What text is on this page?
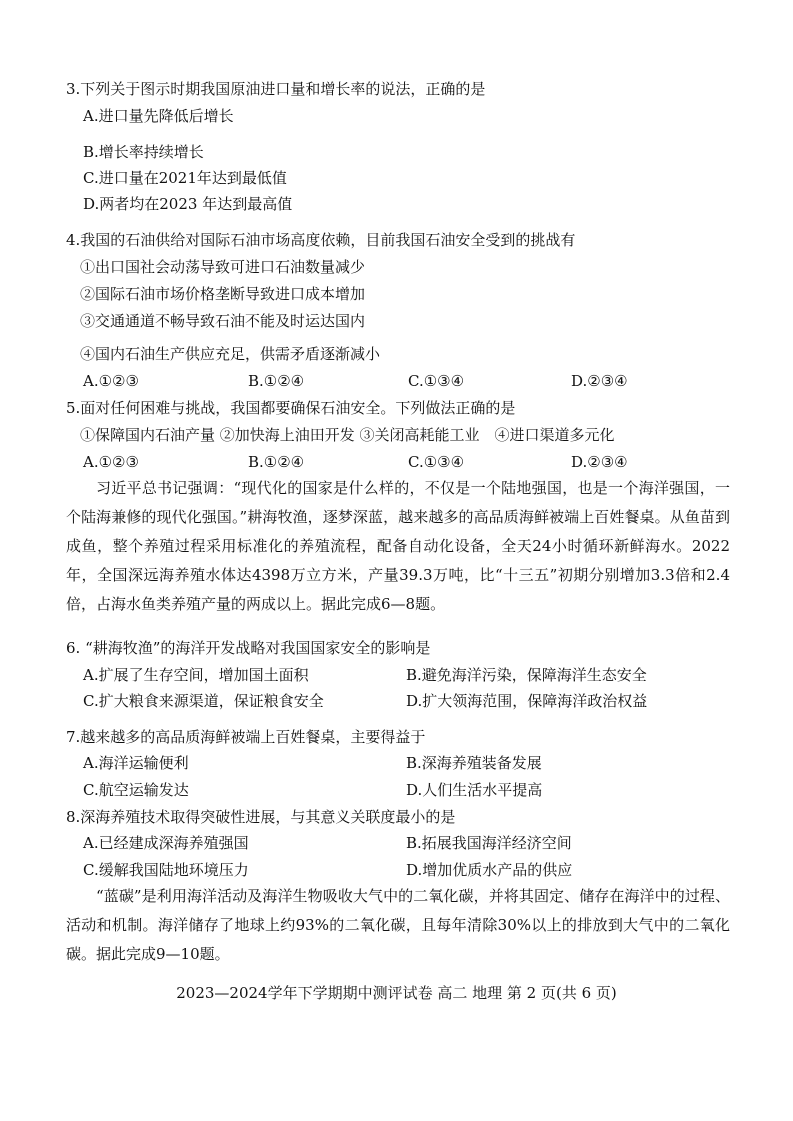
3.下列关于图示时期我国原油进口量和增长率的说法，正确的是
A.进口量先降低后增长
B.增长率持续增长
C.进口量在2021年达到最低值
D.两者均在2023 年达到最高值
4.我国的石油供给对国际石油市场高度依赖，目前我国石油安全受到的挑战有
①出口国社会动荡导致可进口石油数量减少
②国际石油市场价格垄断导致进口成本增加
③交通通道不畅导致石油不能及时运达国内
④国内石油生产供应充足，供需矛盾逐渐减小
A.①②③	B.①②④	C.①③④	D.②③④
5.面对任何困难与挑战，我国都要确保石油安全。下列做法正确的是
①保障国内石油产量 ②加快海上油田开发 ③关闭高耗能工业　④进口渠道多元化
A.①②③	B.①②④	C.①③④	D.②③④
习近平总书记强调：“现代化的国家是什么样的，不仅是一个陆地强国，也是一个海洋强国，一个陆海兼修的现代化强国。”耕海牧渔，逐梦深蓝，越来越多的高品质海鲜被端上百姓餐桌。从鱼苗到成鱼，整个养殖过程采用标准化的养殖流程，配备自动化设备，全天24小时循环新鲜海水。2022年，全国深远海养殖水体达4398万立方米，产量39.3万吨，比“十三五”初期分别增加3.3倍和2.4倍，占海水鱼类养殖产量的两成以上。据此完成6—8题。
6. “耕海牧渔”的海洋开发战略对我国国家安全的影响是
A.扩展了生存空间，增加国土面积	B.避免海洋污染，保障海洋生态安全
C.扩大粮食来源渠道，保证粮食安全	D.扩大领海范围，保障海洋政治权益
7.越来越多的高品质海鲜被端上百姓餐桌，主要得益于
A.海洋运输便利	B.深海养殖装备发展
C.航空运输发达	D.人们生活水平提高
8.深海养殖技术取得突破性进展，与其意义关联度最小的是
A.已经建成深海养殖强国	B.拓展我国海洋经济空间
C.缓解我国陆地环境压力	D.增加优质水产品的供应
“蓝碳”是利用海洋活动及海洋生物吸收大气中的二氧化碳，并将其固定、储存在海洋中的过程、活动和机制。海洋储存了地球上约93%的二氧化碳，且每年清除30%以上的排放到大气中的二氧化碳。据此完成9—10题。
2023—2024学年下学期期中测评试卷 高二 地理 第 2 页(共 6 页)
